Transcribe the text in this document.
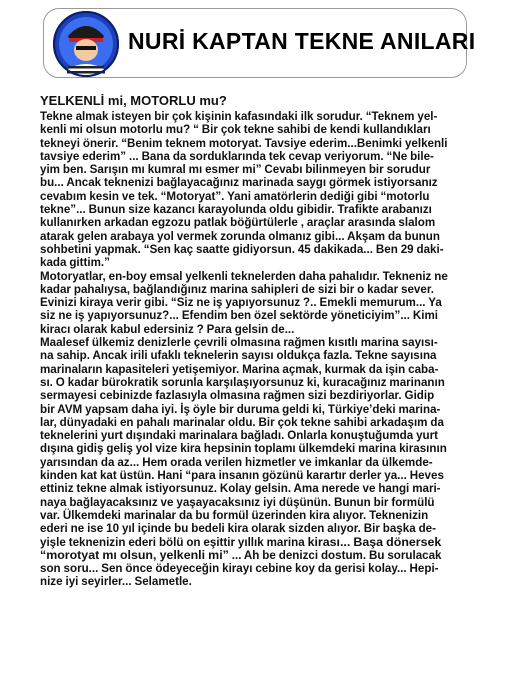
NURİ KAPTAN TEKNE ANILARI
YELKENLİ mi, MOTORLU mu?

Tekne almak isteyen bir çok kişinin kafasındaki ilk sorudur. “Teknem yel-
kenli mi olsun motorlu mu? “ Bir çok tekne sahibi de kendi kullandıkları
tekneyi önerir. “Benim teknem motoryat. Tavsiye ederim...Benimki yelkenli
tavsiye ederim” ... Bana da sorduklarında tek cevap veriyorum. “Ne bile-
yim ben. Sarışın mı kumral mı esmer mi” Cevabı bilinmeyen bir sorudur
bu... Ancak teknenizi bağlayacağınız marinada saygı görmek istiyorsanız
cevabım kesin ve tek. “Motoryat”. Yani amatörlerin dediği gibi “motorlu
tekne”... Bunun size kazancı karayolunda oldu gibidir. Trafikte arabanızı
kullanırken arkadan egzozu patlak böğürtülerle , araçlar arasında slalom
atarak gelen arabaya yol vermek zorunda olmanız gibi... Akşam da bunun
sohbetini yapmak. “Sen kaç saatte gidiyorsun. 45 dakikada... Ben 29 daki-
kada gittim.”
Motoryatlar, en-boy emsal yelkenli teknelerden daha pahalıdır. Tekneniz ne
kadar pahalıysa, bağlandığınız marina sahipleri de sizi bir o kadar sever.
Evinizi kiraya verir gibi. “Siz ne iş yapıyorsunuz ?.. Emekli memurum... Ya
siz ne iş yapıyorsunuz?... Efendim ben özel sektörde yöneticiyim”... Kimi
kiracı olarak kabul edersiniz ? Para gelsin de...
Maalesef ülkemiz denizlerle çevrili olmasına rağmen kısıtlı marina sayısı-
na sahip. Ancak irili ufaklı teknelerin sayısı oldukça fazla. Tekne sayısına
marinaların kapasiteleri yetişemiyor. Marina açmak, kurmak da işin caba-
sı. O kadar bürokratik sorunla karşılaşıyorsunuz ki, kuracağınız marinanın
sermayesi cebinizde fazlasıyla olmasına rağmen sizi bezdiriyorlar. Gidip
bir AVM yapsam daha iyi. İş öyle bir duruma geldi ki, Türkiye’deki marina-
lar, dünyadaki en pahalı marinalar oldu. Bir çok tekne sahibi arkadaşım da
teknelerini yurt dışındaki marinalara bağladı. Onlarla konuştuğumda yurt
dışına gidiş geliş yol vize kira hepsinin toplamı ülkemdeki marina kirasının
yarısından da az... Hem orada verilen hizmetler ve imkanlar da ülkemde-
kinden kat kat üstün. Hani “para insanın gözünü karartır derler ya... Heves
ettiniz tekne almak istiyorsunuz. Kolay gelsin. Ama nerede ve hangi mari-
naya bağlayacaksınız ve yaşayacaksınız iyi düşünün. Bunun bir formülü
var. Ülkemdeki marinalar da bu formül üzerinden kira alıyor. Teknenizin
ederi ne ise 10 yıl içinde bu bedeli kira olarak sizden alıyor. Bir başka de-
yişle teknenizin ederi bölü on eşittir yıllık marina kirası... Başa dönersek
“morotyat mı olsun, yelkenli mi” ... Ah be denizci dostum. Bu sorulacak
son soru... Sen önce ödeyeceğin kirayı cebine koy da gerisi kolay... Hepi-
nize iyi seyirler... Selametle.
